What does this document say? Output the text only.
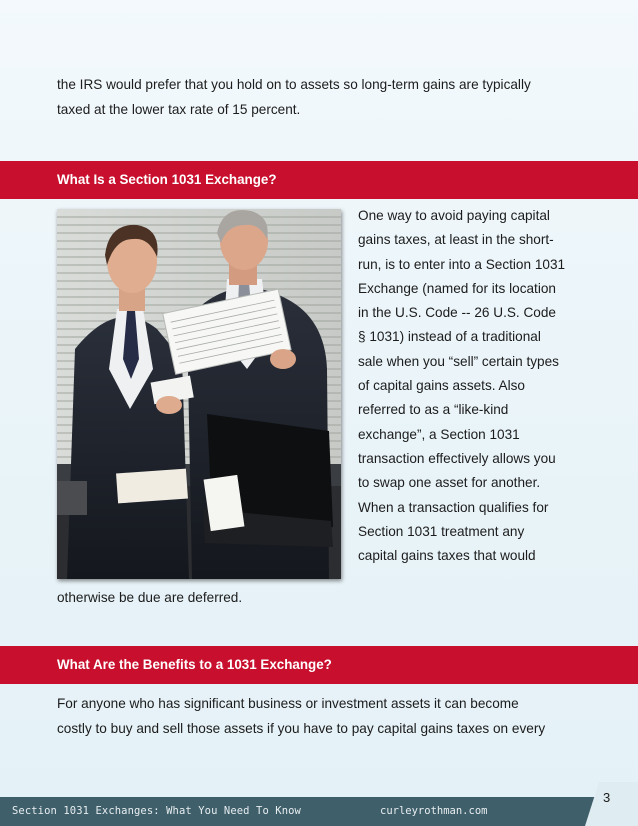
the IRS would prefer that you hold on to assets so long-term gains are typically
taxed at the lower tax rate of 15 percent.

What Is a Section 1031 Exchange?

One way to avoid paying capital
gains taxes, at least in the short-
run, is to enter into a Section 1031
Exchange (named for its location
in the U.S. Code -- 26 U.S. Code
§ 1031) instead of a traditional
sale when you “sell” certain types
of capital gains assets. Also
referred to as a “like-kind
exchange”, a Section 1031
transaction effectively allows you
to swap one asset for another.
When a transaction qualifies for
Section 1031 treatment any
capital gains taxes that would

otherwise be due are deferred.

What Are the Benefits to a 1031 Exchange?

For anyone who has significant business or investment assets it can become
costly to buy and sell those assets if you have to pay capital gains taxes on every

Section 1031 Exchanges: What You Need To Know	curleyrothman.com
3
